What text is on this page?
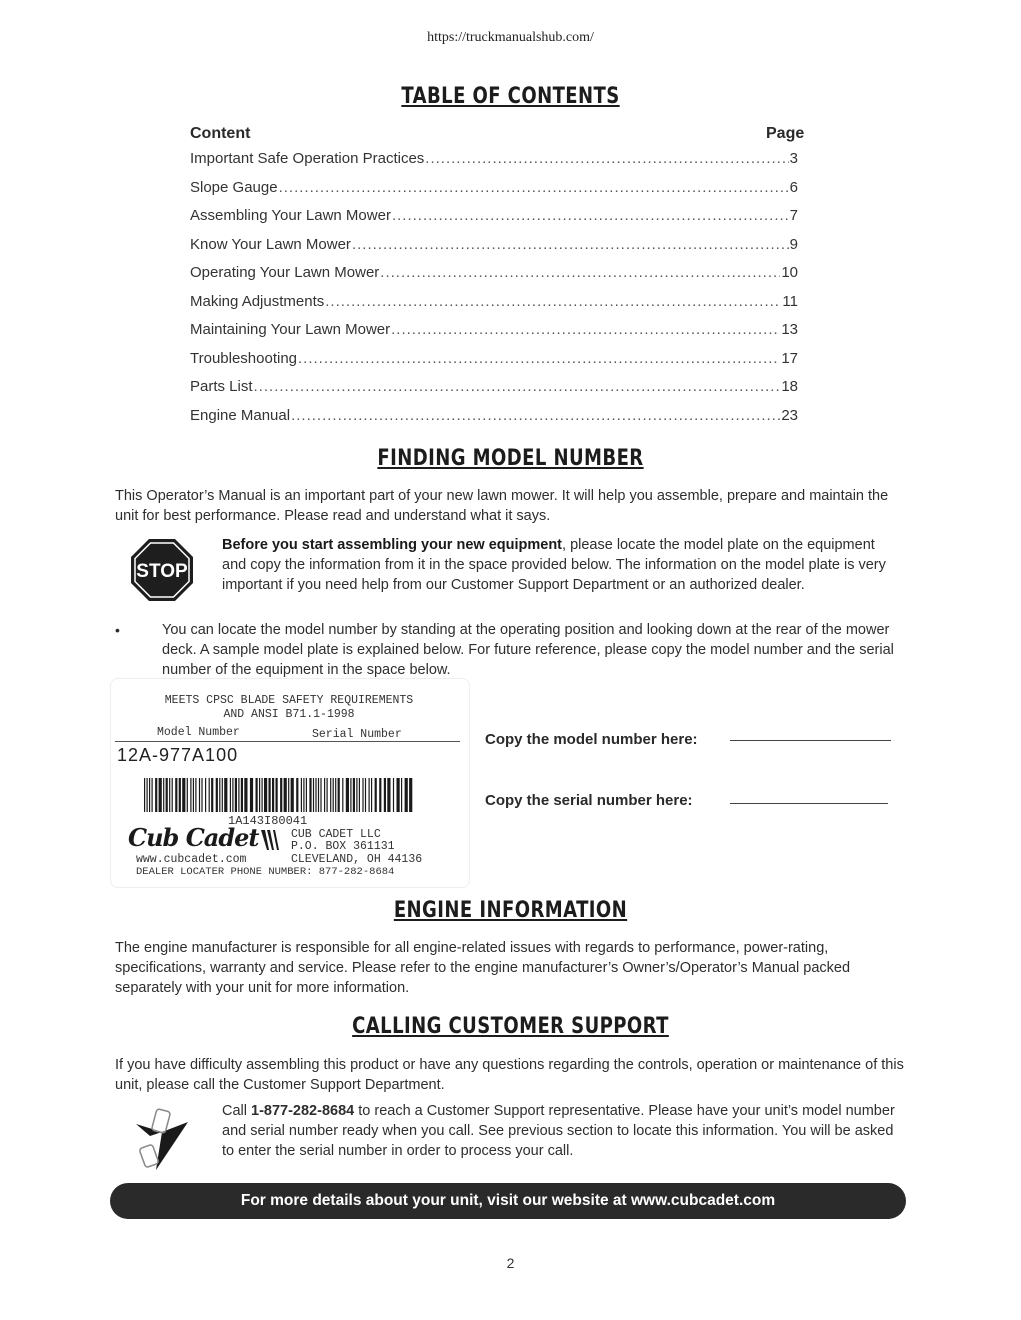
https://truckmanualshub.com/
TABLE OF CONTENTS
Content	Page
Important Safe Operation Practices .....	3
Slope Gauge .....	6
Assembling Your Lawn Mower .....	7
Know Your Lawn Mower .....	9
Operating Your Lawn Mower .....	10
Making Adjustments .....	11
Maintaining Your Lawn Mower .....	13
Troubleshooting .....	17
Parts List .....	18
Engine Manual .....	23
FINDING MODEL NUMBER
This Operator’s Manual is an important part of your new lawn mower. It will help you assemble, prepare and maintain the unit for best performance. Please read and understand what it says.
STOP
Before you start assembling your new equipment, please locate the model plate on the equipment and copy the information from it in the space provided below. The information on the model plate is very important if you need help from our Customer Support Department or an authorized dealer.
•	You can locate the model number by standing at the operating position and looking down at the rear of the mower deck. A sample model plate is explained below. For future reference, please copy the model number and the serial number of the equipment in the space below.
MEETS CPSC BLADE SAFETY REQUIREMENTS
AND ANSI B71.1-1998
Model Number	Serial Number
12A-977A100
1A143I80041
Cub Cadet	CUB CADET LLC
P.O. BOX 361131
www.cubcadet.com	CLEVELAND, OH 44136
DEALER LOCATER PHONE NUMBER: 877-282-8684
Copy the model number here:
Copy the serial number here:
ENGINE INFORMATION
The engine manufacturer is responsible for all engine-related issues with regards to performance, power-rating, specifications, warranty and service. Please refer to the engine manufacturer’s Owner’s/Operator’s Manual packed separately with your unit for more information.
CALLING CUSTOMER SUPPORT
If you have difficulty assembling this product or have any questions regarding the controls, operation or maintenance of this unit, please call the Customer Support Department.
Call 1-877-282-8684 to reach a Customer Support representative. Please have your unit’s model number and serial number ready when you call. See previous section to locate this information. You will be asked to enter the serial number in order to process your call.
For more details about your unit, visit our website at www.cubcadet.com
2
